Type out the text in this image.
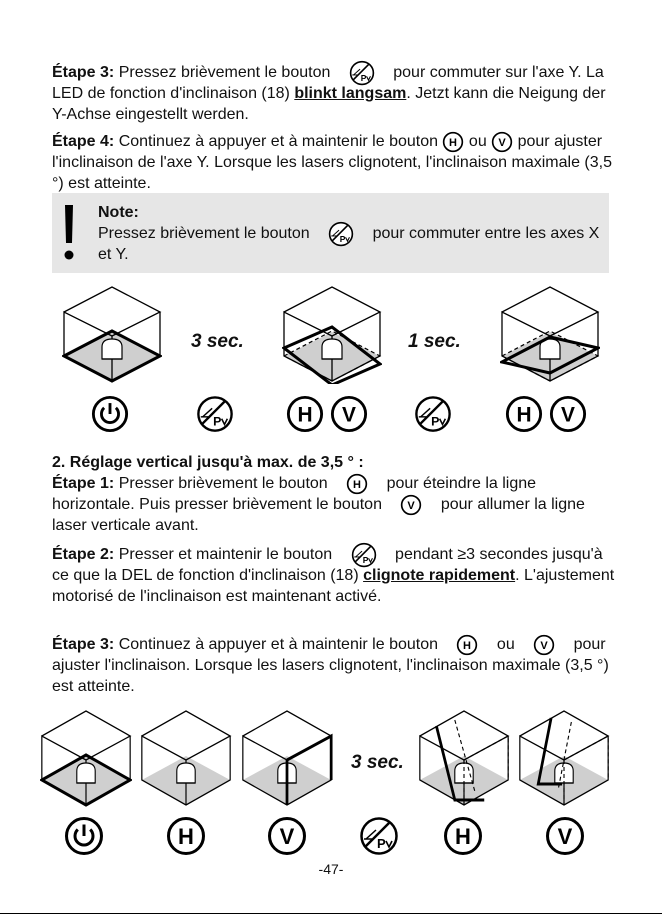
Étape 3: Pressez brièvement le bouton	pour commuter sur l'axe Y. La LED de fonction d'inclinaison (18) blinkt langsam. Jetzt kann die Neigung der Y-Achse eingestellt werden.

Étape 4: Continuez à appuyer et à maintenir le bouton H ou V pour ajuster l'inclinaison de l'axe Y. Lorsque les lasers clignotent, l'inclinaison maximale (3,5 °) est atteinte.

Note:
Pressez brièvement le bouton	pour commuter entre les axes X et Y.
3 sec.	1 sec.
H V	H V

2. Réglage vertical jusqu'à max. de 3,5 ° :

Étape 1: Presser brièvement le bouton H pour éteindre la ligne horizontale. Puis presser brièvement le bouton V pour allumer la ligne laser verticale avant.

Étape 2: Presser et maintenir le bouton	pendant ≥3 secondes jusqu'à ce que la DEL de fonction d'inclinaison (18) clignote rapidement. L'ajustement motorisé de l'inclinaison est maintenant activé.

Étape 3: Continuez à appuyer et à maintenir le bouton H ou V pour ajuster l'inclinaison. Lorsque les lasers clignotent, l'inclinaison maximale (3,5 °) est atteinte.

3 sec.
H	V	H	V
-47-
